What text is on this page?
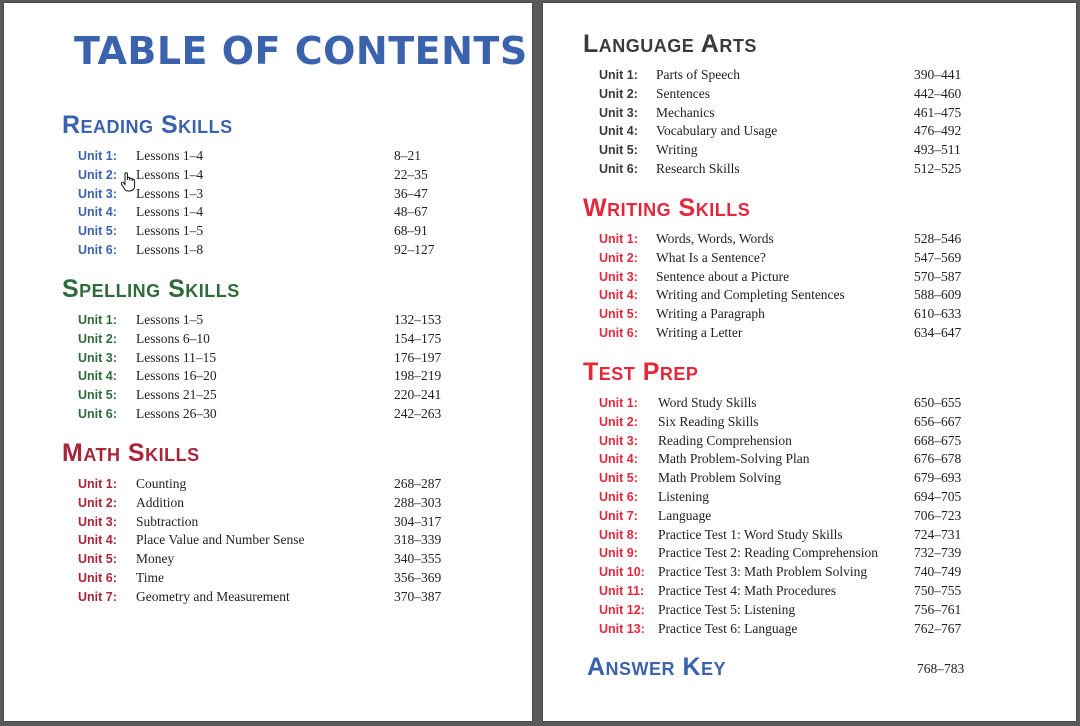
TABLE OF CONTENTS
Reading Skills
Unit 1: Lessons 1–4	8–21
Unit 2: Lessons 1–4	22–35
Unit 3: Lessons 1–3	36–47
Unit 4: Lessons 1–4	48–67
Unit 5: Lessons 1–5	68–91
Unit 6: Lessons 1–8	92–127
Spelling Skills
Unit 1: Lessons 1–5	132–153
Unit 2: Lessons 6–10	154–175
Unit 3: Lessons 11–15	176–197
Unit 4: Lessons 16–20	198–219
Unit 5: Lessons 21–25	220–241
Unit 6: Lessons 26–30	242–263
Math Skills
Unit 1: Counting	268–287
Unit 2: Addition	288–303
Unit 3: Subtraction	304–317
Unit 4: Place Value and Number Sense	318–339
Unit 5: Money	340–355
Unit 6: Time	356–369
Unit 7: Geometry and Measurement	370–387
Language Arts
Unit 1: Parts of Speech	390–441
Unit 2: Sentences	442–460
Unit 3: Mechanics	461–475
Unit 4: Vocabulary and Usage	476–492
Unit 5: Writing	493–511
Unit 6: Research Skills	512–525
Writing Skills
Unit 1: Words, Words, Words	528–546
Unit 2: What Is a Sentence?	547–569
Unit 3: Sentence about a Picture	570–587
Unit 4: Writing and Completing Sentences	588–609
Unit 5: Writing a Paragraph	610–633
Unit 6: Writing a Letter	634–647
Test Prep
Unit 1: Word Study Skills	650–655
Unit 2: Six Reading Skills	656–667
Unit 3: Reading Comprehension	668–675
Unit 4: Math Problem-Solving Plan	676–678
Unit 5: Math Problem Solving	679–693
Unit 6: Listening	694–705
Unit 7: Language	706–723
Unit 8: Practice Test 1: Word Study Skills	724–731
Unit 9: Practice Test 2: Reading Comprehension	732–739
Unit 10: Practice Test 3: Math Problem Solving	740–749
Unit 11: Practice Test 4: Math Procedures	750–755
Unit 12: Practice Test 5: Listening	756–761
Unit 13: Practice Test 6: Language	762–767
Answer Key	768–783
